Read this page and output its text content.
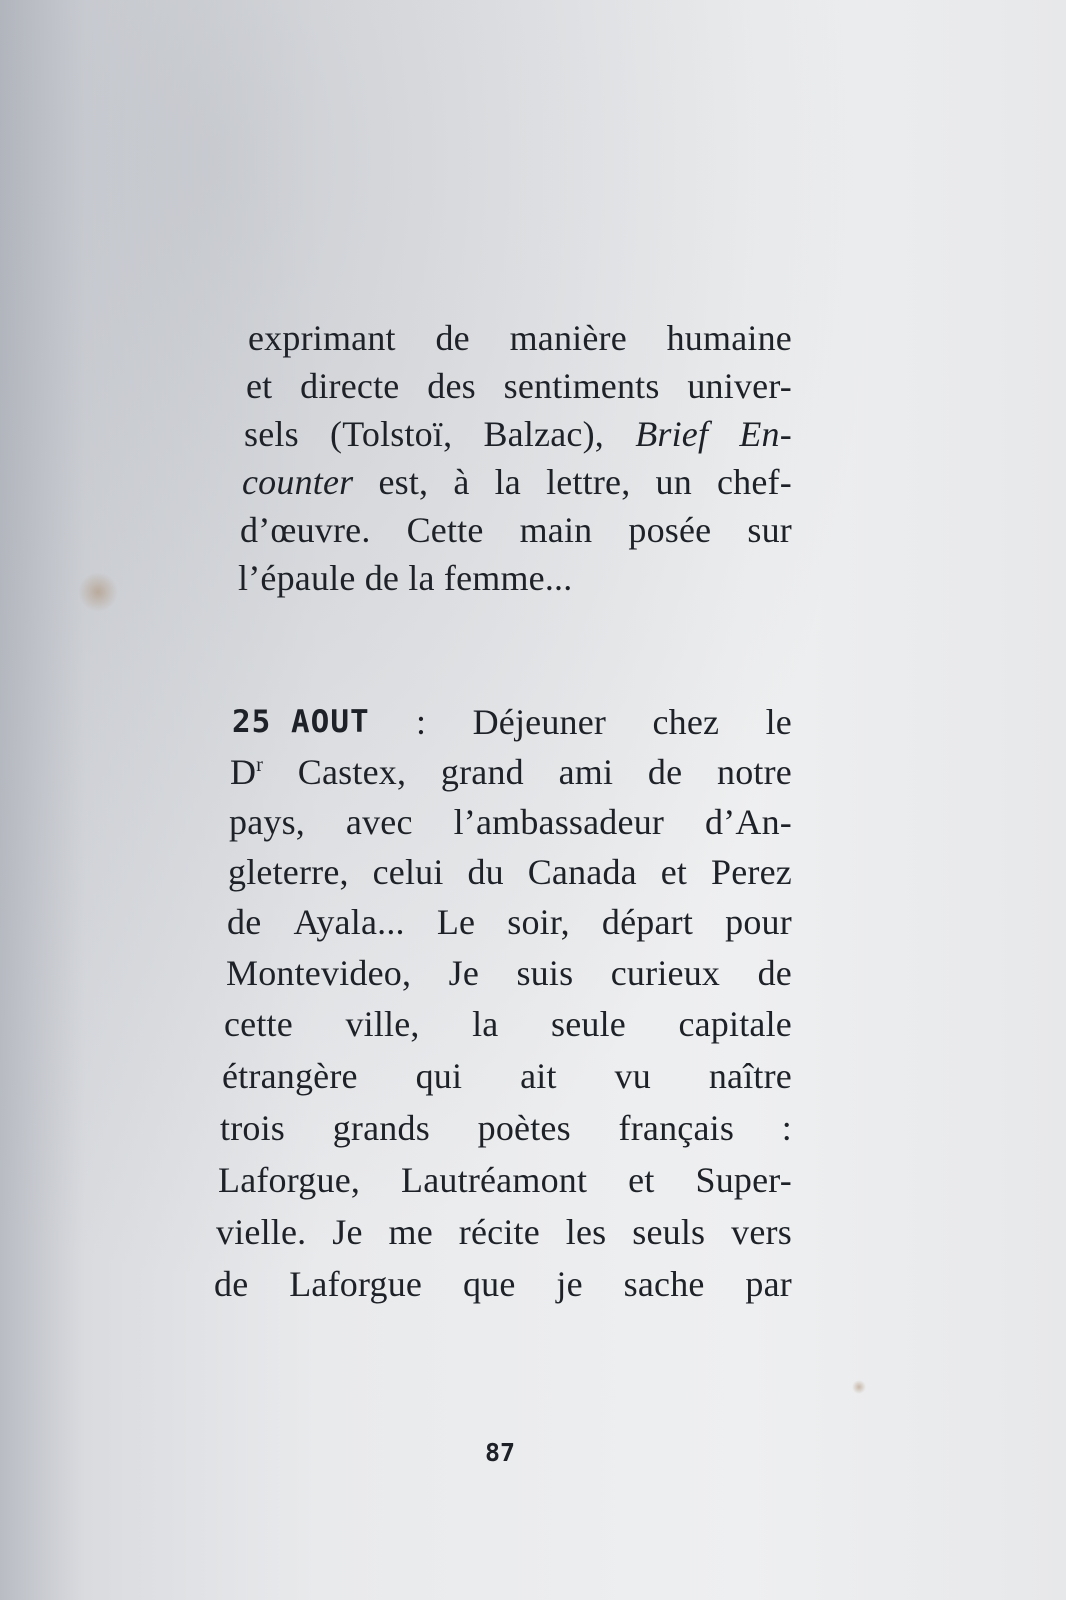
exprimant de manière humaine
et directe des sentiments univer-
sels (Tolstoï, Balzac), Brief En-
counter est, à la lettre, un chef-
d’œuvre. Cette main posée sur
l’épaule de la femme...
25 AOUT : Déjeuner chez le
$D^r$ Castex, grand ami de notre
pays, avec l’ambassadeur d’An-
gleterre, celui du Canada et Perez
de Ayala... Le soir, départ pour
Montevideo, Je suis curieux de
cette ville, la seule capitale
étrangère qui ait vu naître
trois grands poètes français :
Laforgue, Lautréamont et Super-
vielle. Je me récite les seuls vers
de Laforgue que je sache par
87
